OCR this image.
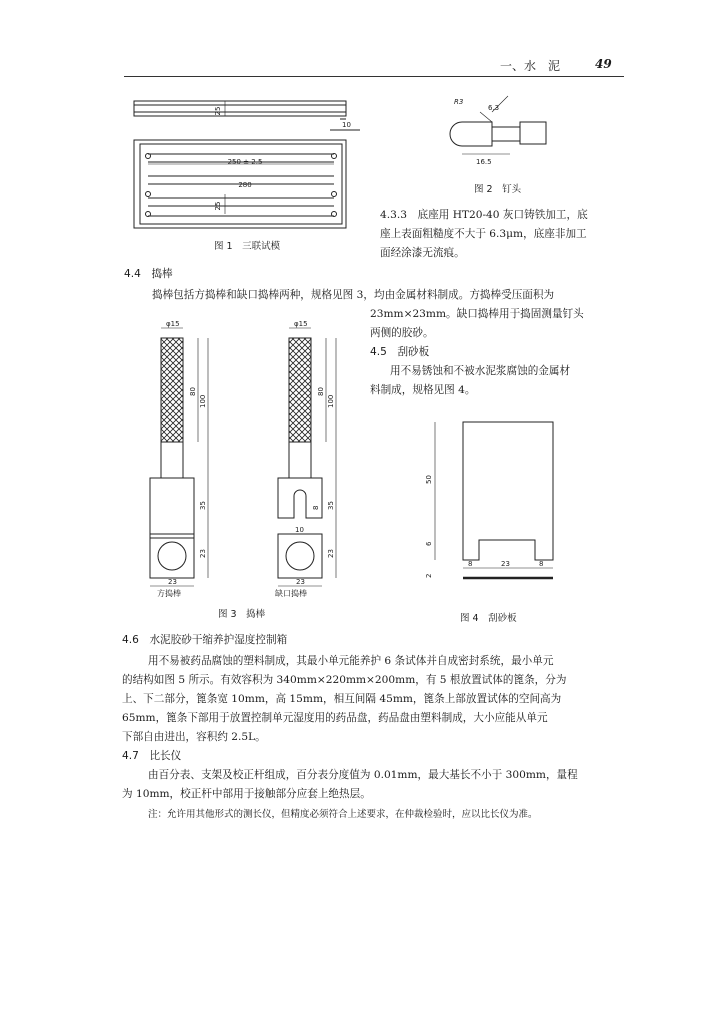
一、水　泥	49
25
10
250 ± 2.5
280
25
图 1　三联试模
R3
6.3
16.5
图 2　钉头
4.3.3　底座用 HT20-40 灰口铸铁加工，底
座上表面粗糙度不大于 6.3μm，底座非加工
面经涂漆无流痕。
4.4　捣棒
捣棒包括方捣棒和缺口捣棒两种，规格见图 3，均由金属材料制成。方捣棒受压面积为
23mm×23mm。缺口捣棒用于捣固测量钉头
两侧的胶砂。
4.5　刮砂板
用不易锈蚀和不被水泥浆腐蚀的金属材
料制成，规格见图 4。
φ15
80
100
35
23
23
φ15
80
100
35
8
10
23
23
方捣棒	缺口捣棒
图 3　捣棒
50
6
8	23	8
2
图 4　刮砂板
4.6　水泥胶砂干缩养护湿度控制箱
用不易被药品腐蚀的塑料制成，其最小单元能养护 6 条试体并自成密封系统，最小单元
的结构如图 5 所示。有效容积为 340mm×220mm×200mm，有 5 根放置试体的篦条，分为
上、下二部分，篦条宽 10mm，高 15mm，相互间隔 45mm，篦条上部放置试体的空间高为
65mm，篦条下部用于放置控制单元湿度用的药品盘，药品盘由塑料制成，大小应能从单元
下部自由进出，容积约 2.5L。
4.7　比长仪
由百分表、支架及校正杆组成，百分表分度值为 0.01mm，最大基长不小于 300mm，量程
为 10mm，校正杆中部用于接触部分应套上绝热层。
注：允许用其他形式的测长仪，但精度必须符合上述要求，在仲裁检验时，应以比长仪为准。
